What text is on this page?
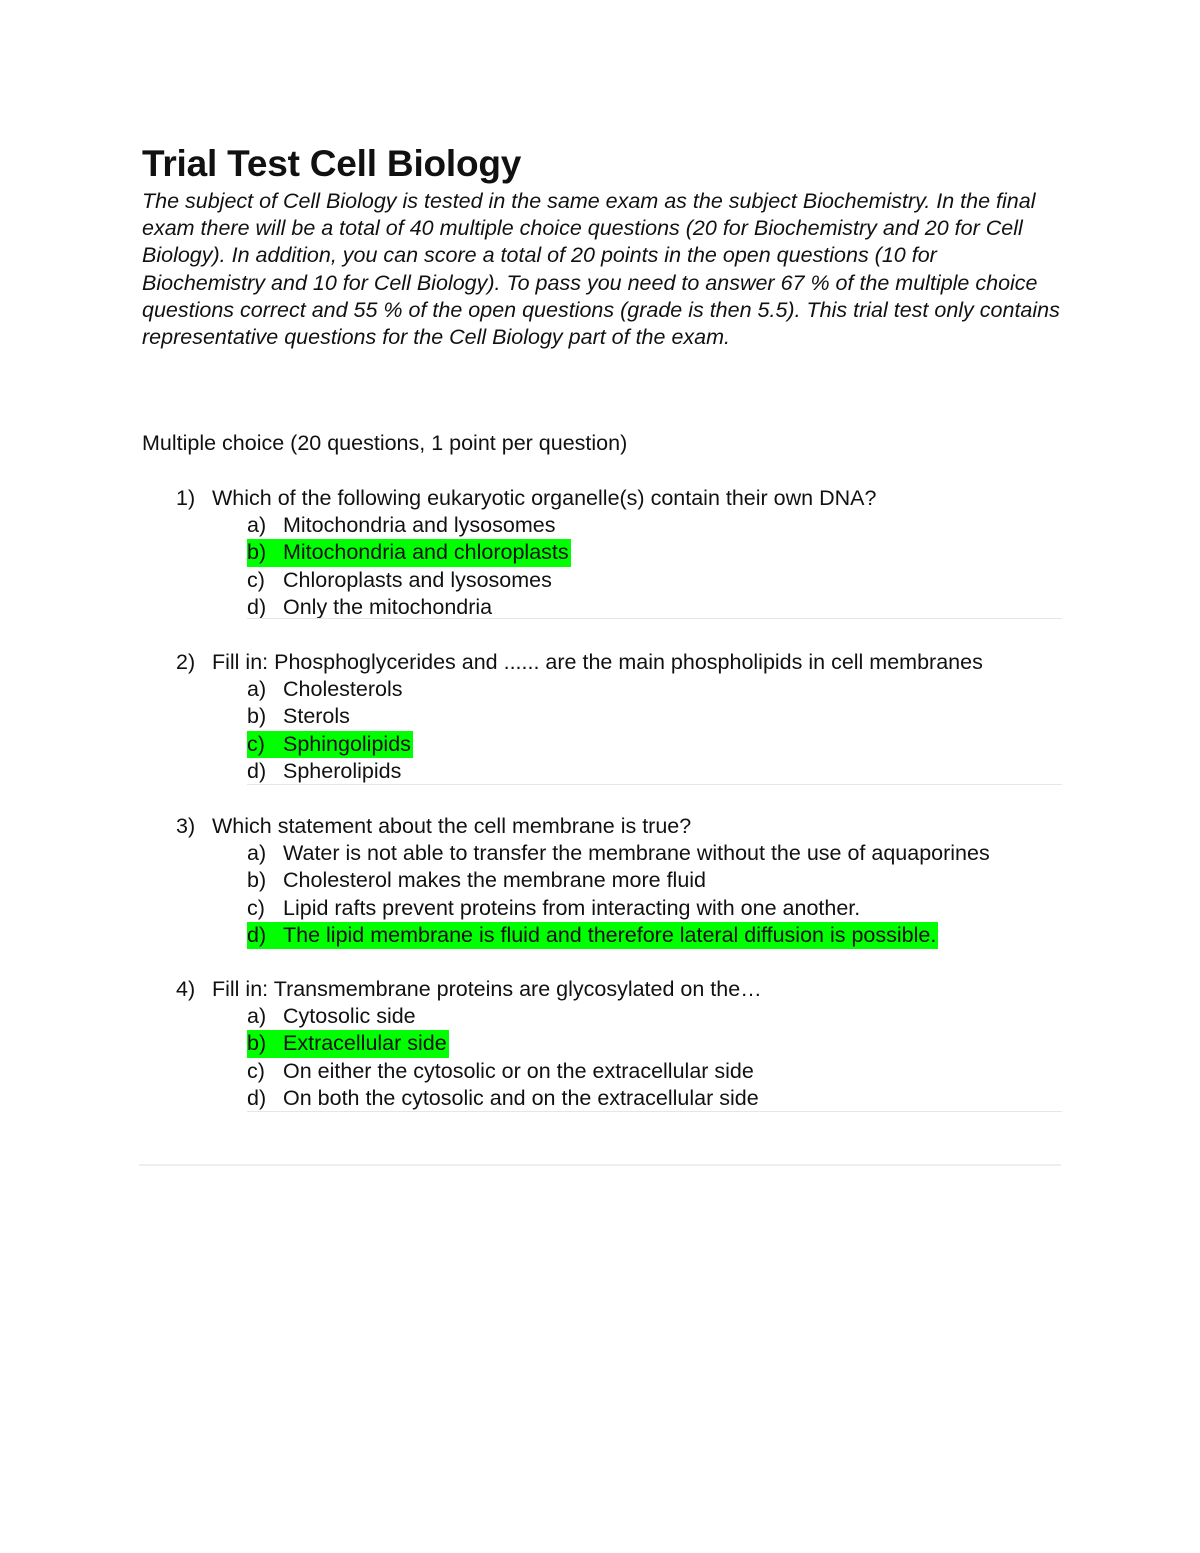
Trial Test Cell Biology

The subject of Cell Biology is tested in the same exam as the subject Biochemistry. In the final exam there will be a total of 40 multiple choice questions (20 for Biochemistry and 20 for Cell Biology). In addition, you can score a total of 20 points in the open questions (10 for Biochemistry and 10 for Cell Biology). To pass you need to answer 67 % of the multiple choice questions correct and 55 % of the open questions (grade is then 5.5). This trial test only contains representative questions for the Cell Biology part of the exam.

Multiple choice (20 questions, 1 point per question)

1) Which of the following eukaryotic organelle(s) contain their own DNA?
a) Mitochondria and lysosomes
b) Mitochondria and chloroplasts
c) Chloroplasts and lysosomes
d) Only the mitochondria
2) Fill in: Phosphoglycerides and ...... are the main phospholipids in cell membranes
a) Cholesterols
b) Sterols
c) Sphingolipids
d) Spherolipids
3) Which statement about the cell membrane is true?
a) Water is not able to transfer the membrane without the use of aquaporines
b) Cholesterol makes the membrane more fluid
c) Lipid rafts prevent proteins from interacting with one another.
d) The lipid membrane is fluid and therefore lateral diffusion is possible.
4) Fill in: Transmembrane proteins are glycosylated on the…
a) Cytosolic side
b) Extracellular side
c) On either the cytosolic or on the extracellular side
d) On both the cytosolic and on the extracellular side
